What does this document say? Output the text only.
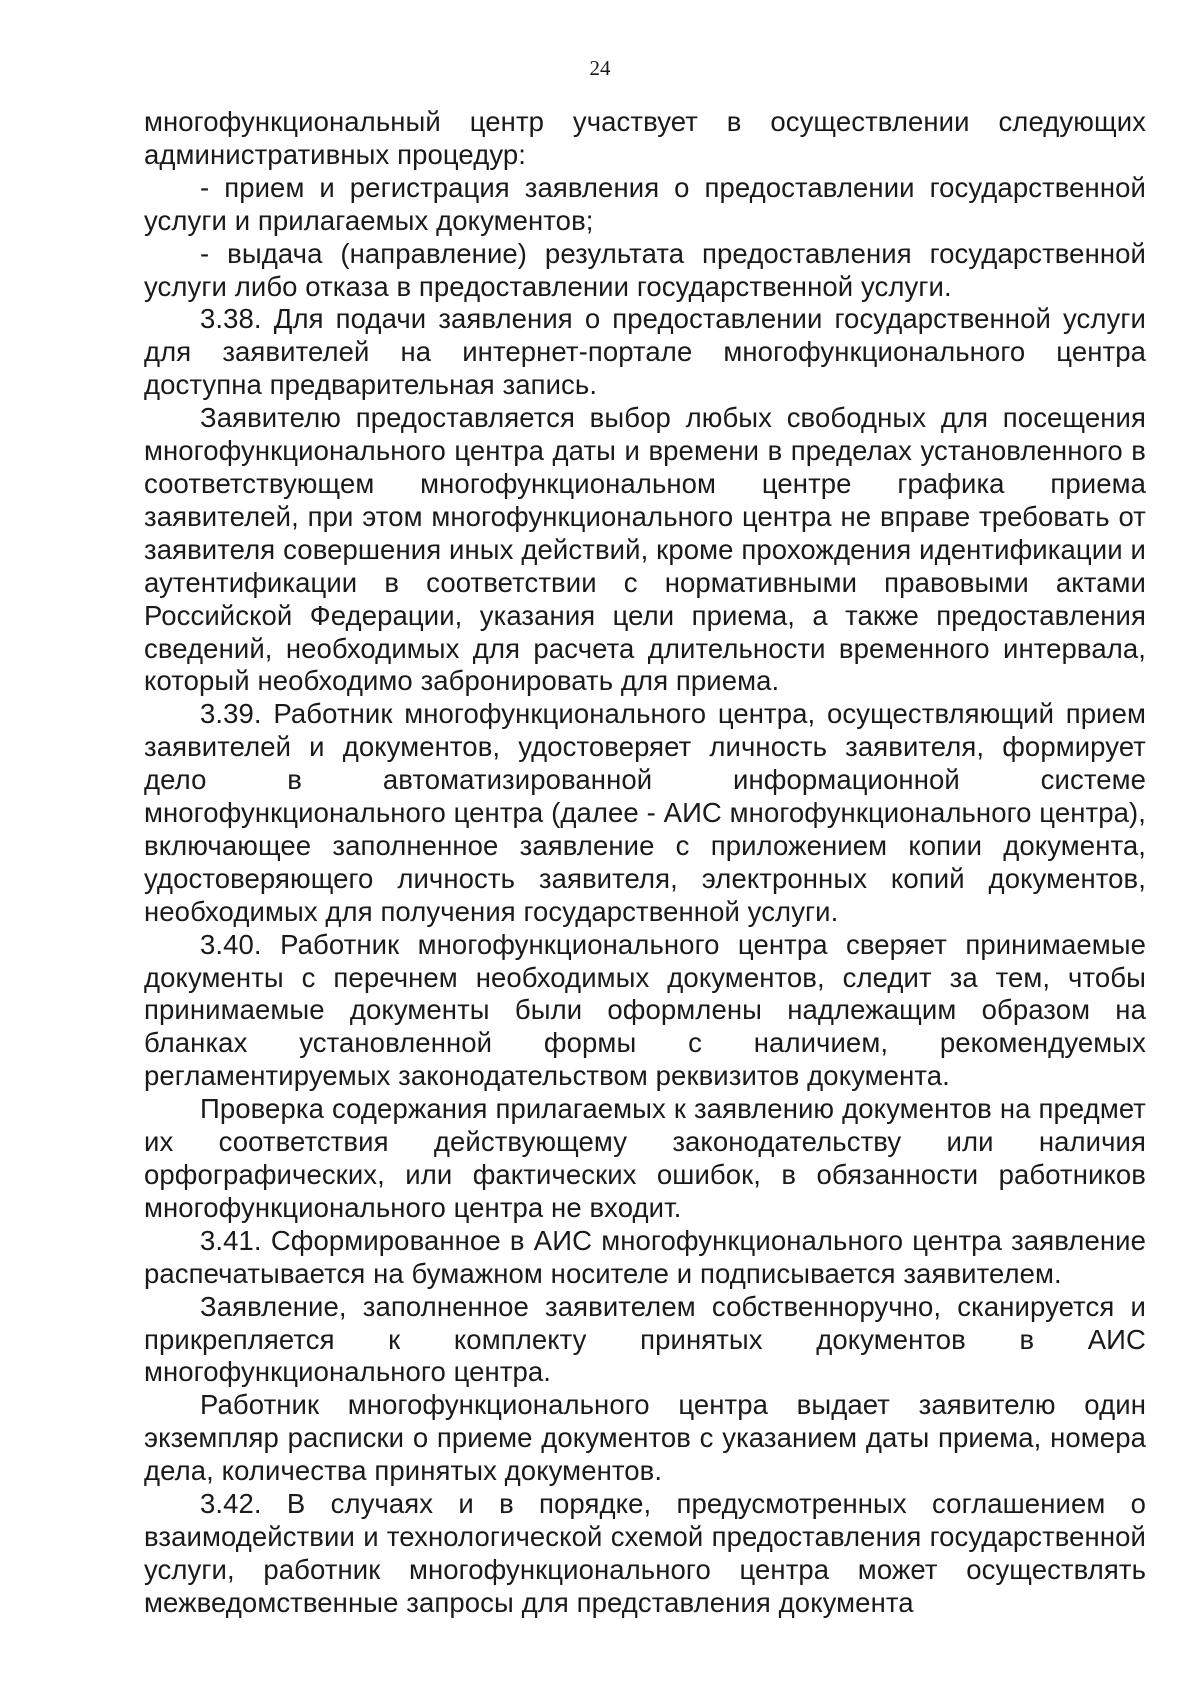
24

многофункциональный центр участвует в осуществлении следующих административных процедур:

- прием и регистрация заявления о предоставлении государственной услуги и прилагаемых документов;

- выдача (направление) результата предоставления государственной услуги либо отказа в предоставлении государственной услуги.

3.38. Для подачи заявления о предоставлении государственной услуги для заявителей на интернет-портале многофункционального центра доступна предварительная запись.

Заявителю предоставляется выбор любых свободных для посещения многофункционального центра даты и времени в пределах установленного в соответствующем многофункциональном центре графика приема заявителей, при этом многофункционального центра не вправе требовать от заявителя совершения иных действий, кроме прохождения идентификации и аутентификации в соответствии с нормативными правовыми актами Российской Федерации, указания цели приема, а также предоставления сведений, необходимых для расчета длительности временного интервала, который необходимо забронировать для приема.

3.39. Работник многофункционального центра, осуществляющий прием заявителей и документов, удостоверяет личность заявителя, формирует дело в автоматизированной информационной системе многофункционального центра (далее - АИС многофункционального центра), включающее заполненное заявление с приложением копии документа, удостоверяющего личность заявителя, электронных копий документов, необходимых для получения государственной услуги.

3.40. Работник многофункционального центра сверяет принимаемые документы с перечнем необходимых документов, следит за тем, чтобы принимаемые документы были оформлены надлежащим образом на бланках установленной формы с наличием, рекомендуемых регламентируемых законодательством реквизитов документа.

Проверка содержания прилагаемых к заявлению документов на предмет их соответствия действующему законодательству или наличия орфографических, или фактических ошибок, в обязанности работников многофункционального центра не входит.

3.41. Сформированное в АИС многофункционального центра заявление распечатывается на бумажном носителе и подписывается заявителем.

Заявление, заполненное заявителем собственноручно, сканируется и прикрепляется к комплекту принятых документов в АИС многофункционального центра.

Работник многофункционального центра выдает заявителю один экземпляр расписки о приеме документов с указанием даты приема, номера дела, количества принятых документов.

3.42. В случаях и в порядке, предусмотренных соглашением о взаимодействии и технологической схемой предоставления государственной услуги, работник многофункционального центра может осуществлять межведомственные запросы для представления документа
